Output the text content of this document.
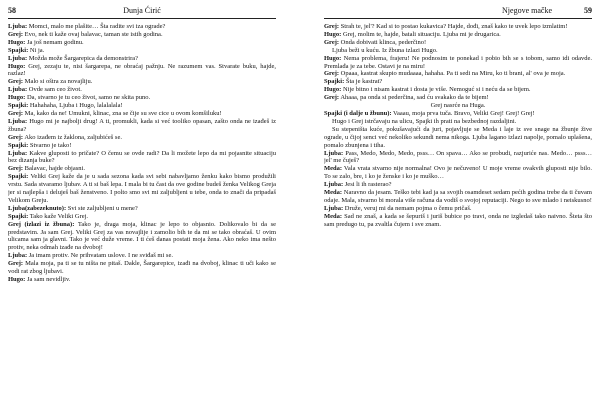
58	Dunja Ćirić

Ljuba: Momci, malo me plašite… Šta radite svi iza ograde?

Grej: Evo, nek ti kaže ovaj balavac, taman ste istih godina.

Hugo: Ja još nemam godinu.

Spajki: Ni ja.

Ljuba: Možda može Šargarepica da demonstrira?

Hugo: Grej, zezaju te, nisi šargarepa, ne obraćaj pažnju. Ne razumem vas. Stvarate buku, hajde, razlaz!

Grej: Malo si oštra za novajliju.

Ljuba: Ovde sam ceo život.

Hugo: Da, stvarno je tu ceo život, samo ne skita puno.

Spajki: Hahahaha, Ljuba i Hugo, lalalalala!

Grej: Ma, kako da ne! Umukni, klinac, zna se čije su sve cice u ovom komšiluku!

Ljuba: Hugo mi je najbolji drug! A ti, promukli, kada si već tooliko opasan, zašto onda ne izađeš iz žbuna?

Grej: Ako izađem iz žaklona, zaljubićeš se.

Spajki: Stvarno je tako!

Ljuba: Kakve gluposti to pričate? O čemu se ovde radi? Da li možete lepo da mi pojasnite situaciju bez dizanja buke?

Grej: Balavac, hajde objasni.

Spajki: Veliki Grej kaže da je u sada sezona kada svi sebi nabavljamo ženku kako bismo produžili vrstu. Sada stvaramo ljubav. A ti si baš lepa. I mala bi tu čast da ove godine budeš ženka Velikog Greja jer si najlepša i deluješ baš ženstveno. I polto smo svi mi zaljubljeni u tebe, onda to znači da pripadaš Velikom Greju.

Ljuba(zabezeknuto): Svi ste zaljubljeni u mene?

Spajki: Tako kaže Veliki Grej.

Grej (izlazi iz žbuna): Tako je, draga moja, klinac je lepo to objasnio. Dolikovalo bi da se predstavim. Ja sam Grej. Veliki Grej za vas novajlije i zamolio bih te da mi se tako obraćaš. U ovim ulicama sam ja glavni. Tako je već duže vreme. I ti ćeš danas postati moja žena. Ako neko ima nešto protiv, neka odmah izađe na dvoboj!

Ljuba: Ja imam protiv. Ne prihvatam uslove. I ne sviđaš mi se.

Grej: Mala moja, pa ti se tu ništa ne pitaš. Dakle, Šargarepice, izađi na dvoboj, klinac ti uči kako se vodi rat zbog ljubavi.

Hugo: Ja sam nevidljiv.

Njegove mačke	59

Grej: Strah te, jel'? Kad si to postao kukavica? Hajde, dođi, znaš kako te uvek lepo izmlatim!

Hugo: Grej, molim te, hajde, batali situaciju. Ljuba mi je drugarica.

Grej: Onda dobivati klinca, pederčino!

Ljuba beži u kuću. Iz žbuna izlazi Hugo.

Hugo: Nema problema, frajeru! Ne podnosim te ponekad i pobio bih se s tobom, samo idi odavde. Premlađa je za tebe. Ostavi je na miru!

Grej: Opaaa, kastrat skupio mudaaaa, hahaha. Pa ti sedi na Miru, ko ti brani, al' ova je moja.

Spajki: Šta je kastrat?

Hugo: Nije bitno i nisam kastrat i dosta je više. Nemoguć si i neću da se bijem.

Grej: Ahaaa, pa onda si pederčina, sad ću svakako da te bijem!

Grej nasrće na Huga.

Spajki (i dalje u žbunu): Vaaau, moja prva tuča. Bravo, Veliki Grej! Grej! Grej!

Hugo i Grej istrčavaju na ulicu, Spajki ih prati na bezbednoj razdaljini.

Su stepeništa kuće, pokušavajući da juri, pojavljuje se Meda i laje iz sve snage na žbunje žive ograde, u čijoj senci već nekoliko sekundi nema nikoga. Ljuba lagano izlazi napolje, pomalo uplašena, pomalo zbunjena i tiha.

Ljuba: Pass, Medo, Medo, Medo, psss… On spava… Ako se probudi, razjuriće nas. Medo… psss… jel' me čuješ?

Meda: Vala vrata stvarno nije normalna! Ovo je nečuveno! U moje vreme ovakvih gluposti nije bilo. To se zalo, bre, i ko je ženske i ko je muško…

Ljuba: Jesi li ih rasterao?

Meda: Naravno da jesam. Teško tebi kad ja sa svojih osamdeset sedam pećih godina trebe da ti čuvam odaje. Mala, stvarno bi morala više računa da vodiš o svojoj reputaciji. Nego to sve mlado i neiskusno!

Ljuba: Druže, veruj mi da nemam pojma o čemu pričaš.

Meda: Sad ne znaš, a kada se šepuriš i juriš bubice po travi, onda ne izgledaš tako naivno. Šteta što sam predugo tu, pa zvaltla čujem i sve znam.
